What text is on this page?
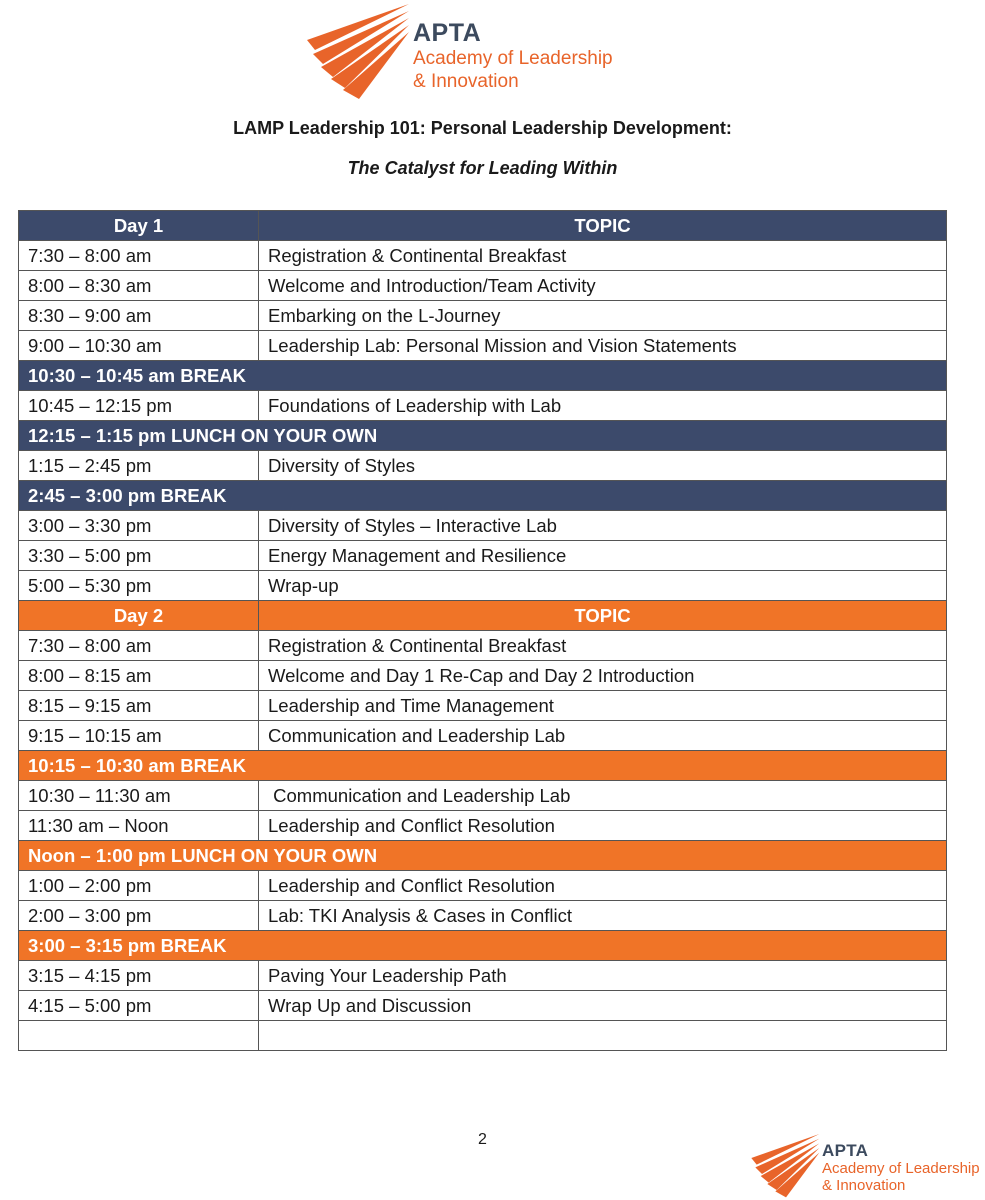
APTA
Academy of Leadership
& Innovation
LAMP Leadership 101: Personal Leadership Development:
The Catalyst for Leading Within
Day 1	TOPIC
7:30 – 8:00 am	Registration & Continental Breakfast
8:00 – 8:30 am	Welcome and Introduction/Team Activity
8:30 – 9:00 am	Embarking on the L-Journey
9:00 – 10:30 am	Leadership Lab: Personal Mission and Vision Statements
10:30 – 10:45 am BREAK	
10:45 – 12:15 pm	Foundations of Leadership with Lab
12:15 – 1:15 pm LUNCH ON YOUR OWN	
1:15 – 2:45 pm	Diversity of Styles
2:45 – 3:00 pm BREAK	
3:00 – 3:30 pm	Diversity of Styles – Interactive Lab
3:30 – 5:00 pm	Energy Management and Resilience
5:00 – 5:30 pm	Wrap-up
Day 2	TOPIC
7:30 – 8:00 am	Registration & Continental Breakfast
8:00 – 8:15 am	Welcome and Day 1 Re-Cap and Day 2 Introduction
8:15 – 9:15 am	Leadership and Time Management
9:15 – 10:15 am	Communication and Leadership Lab
10:15 – 10:30 am BREAK	
10:30 – 11:30 am	Communication and Leadership Lab
11:30 am – Noon	Leadership and Conflict Resolution
Noon – 1:00 pm LUNCH ON YOUR OWN	
1:00 – 2:00 pm	Leadership and Conflict Resolution
2:00 – 3:00 pm	Lab: TKI Analysis & Cases in Conflict
3:00 – 3:15 pm BREAK	
3:15 – 4:15 pm	Paving Your Leadership Path
4:15 – 5:00 pm	Wrap Up and Discussion

2
APTA
Academy of Leadership
& Innovation
